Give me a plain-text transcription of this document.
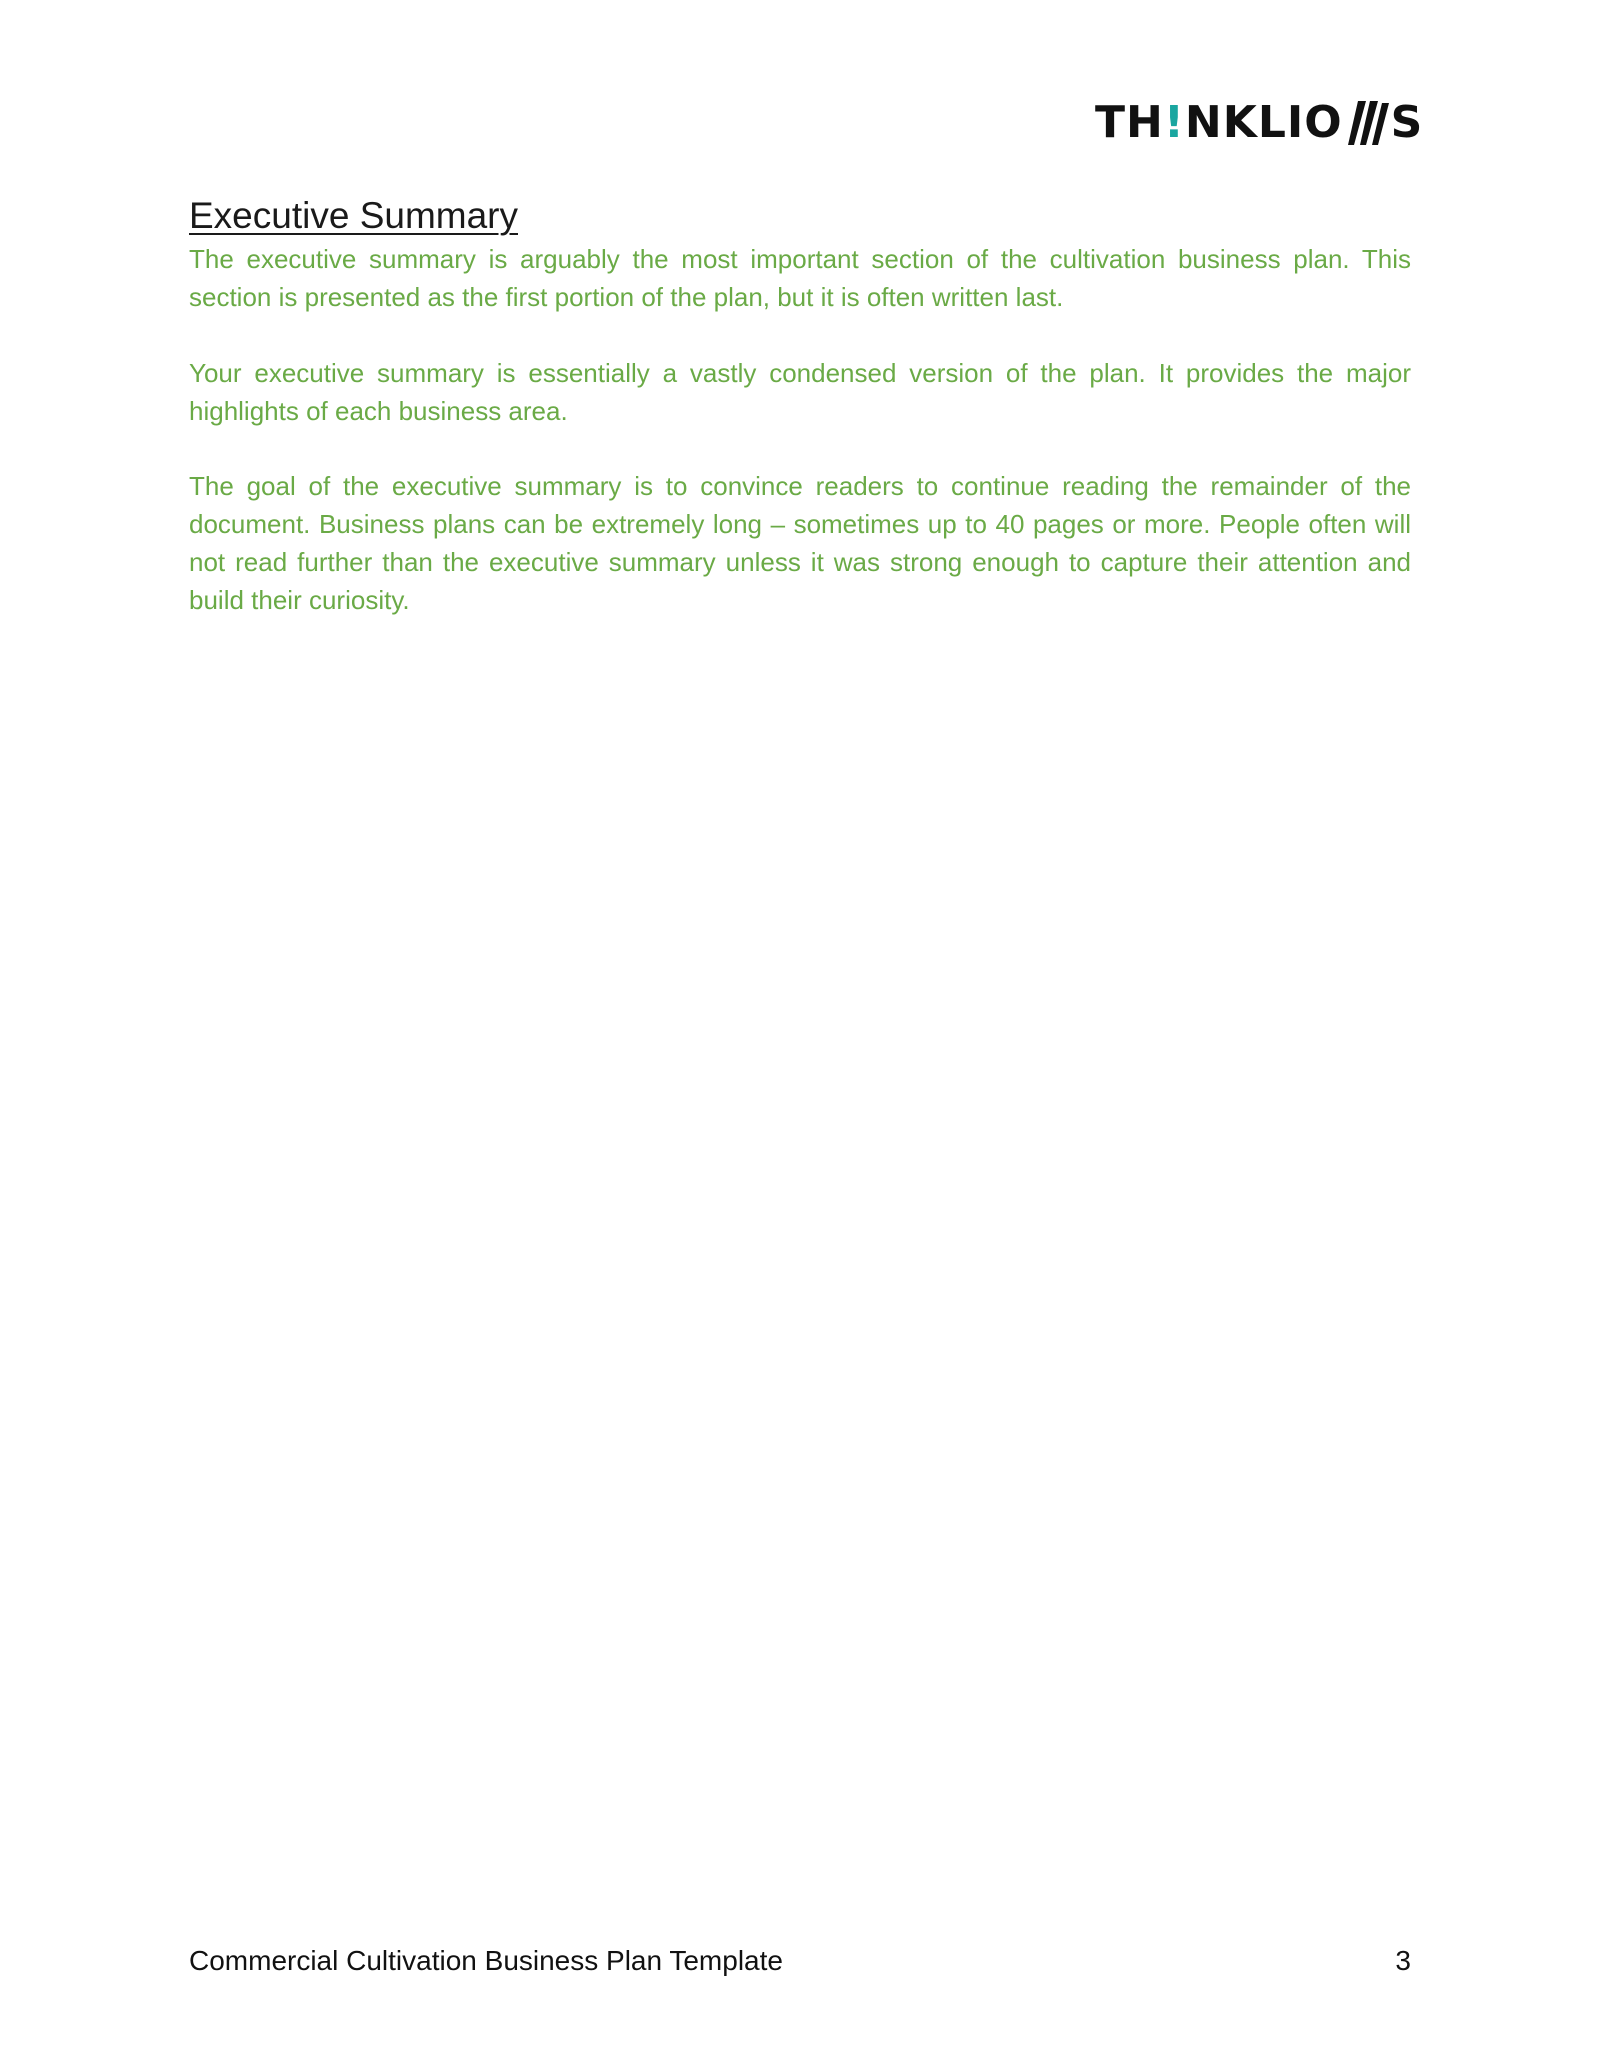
TH ! NKLIO S
Executive Summary

The executive summary is arguably the most important section of the cultivation business plan. This section is presented as the first portion of the plan, but it is often written last.

Your executive summary is essentially a vastly condensed version of the plan. It provides the major highlights of each business area.

The goal of the executive summary is to convince readers to continue reading the remainder of the document. Business plans can be extremely long – sometimes up to 40 pages or more. People often will not read further than the executive summary unless it was strong enough to capture their attention and build their curiosity.

Commercial Cultivation Business Plan Template	3
